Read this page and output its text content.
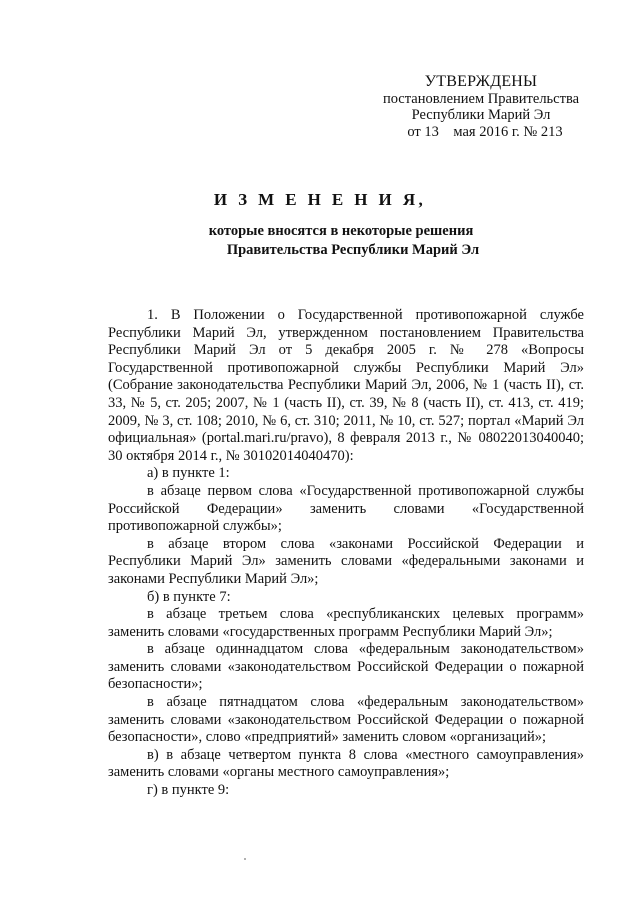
УТВЕРЖДЕНЫ
постановлением Правительства
Республики Марий Эл
от 13    мая 2016 г. № 213
И З М Е Н Е Н И Я,
которые вносятся в некоторые решения
Правительства Республики Марий Эл

1. В Положении о Государственной противопожарной службе Республики Марий Эл, утвержденном постановлением Правительства Республики Марий Эл от 5 декабря 2005 г. № 278 «Вопросы Государственной противопожарной службы Республики Марий Эл» (Собрание законодательства Республики Марий Эл, 2006, № 1 (часть II), ст. 33, № 5, ст. 205; 2007, № 1 (часть II), ст. 39, № 8 (часть II), ст. 413, ст. 419; 2009, № 3, ст. 108; 2010, № 6, ст. 310; 2011, № 10, ст. 527; портал «Марий Эл официальная» (portal.mari.ru/pravo), 8 февраля 2013 г., № 08022013040040; 30 октября 2014 г., № 30102014040470):

а) в пункте 1:

в абзаце первом слова «Государственной противопожарной службы Российской Федерации» заменить словами «Государственной противопожарной службы»;

в абзаце втором слова «законами Российской Федерации и Республики Марий Эл» заменить словами «федеральными законами и законами Республики Марий Эл»;

б) в пункте 7:

в абзаце третьем слова «республиканских целевых программ» заменить словами «государственных программ Республики Марий Эл»;

в абзаце одиннадцатом слова «федеральным законодательством» заменить словами «законодательством Российской Федерации о пожарной безопасности»;

в абзаце пятнадцатом слова «федеральным законодательством» заменить словами «законодательством Российской Федерации о пожарной безопасности», слово «предприятий» заменить словом «организаций»;

в) в абзаце четвертом пункта 8 слова «местного самоуправления» заменить словами «органы местного самоуправления»;

г) в пункте 9:
